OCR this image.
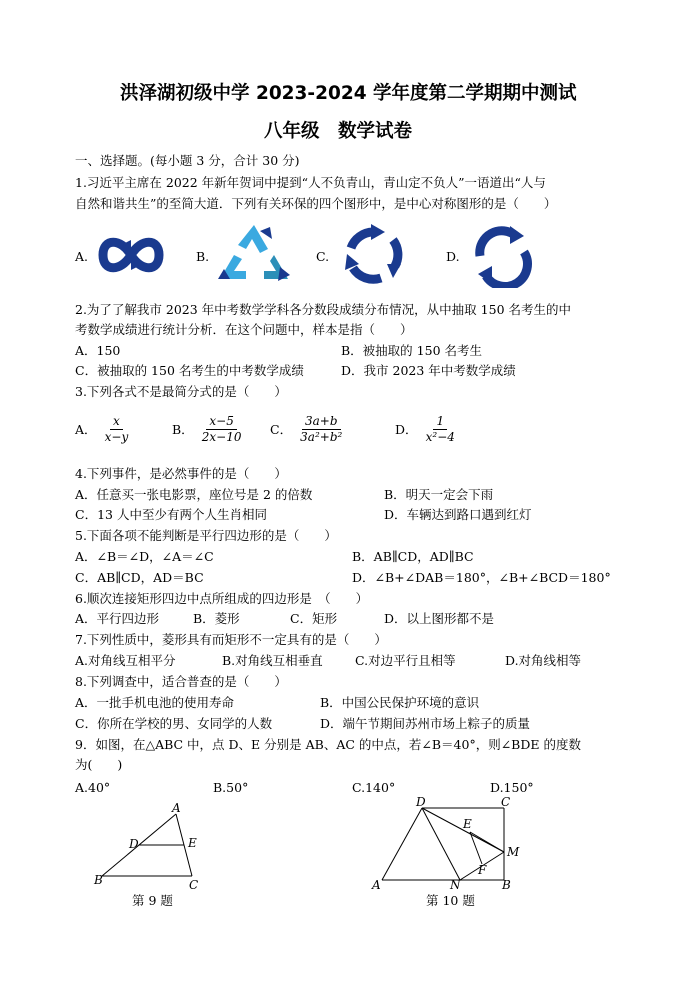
洪泽湖初级中学 2023-2024 学年度第二学期期中测试
八年级　数学试卷
一、选择题。(每小题 3 分，合计 30 分)
1.习近平主席在 2022 年新年贺词中提到“人不负青山，青山定不负人”一语道出“人与
自然和谐共生”的至简大道．下列有关环保的四个图形中，是中心对称图形的是（　　）
A.	B.	C.	D.
2.为了了解我市 2023 年中考数学学科各分数段成绩分布情况，从中抽取 150 名考生的中
考数学成绩进行统计分析．在这个问题中，样本是指（　　）
A．150	B．被抽取的 150 名考生
C．被抽取的 150 名考生的中考数学成绩	D．我市 2023 年中考数学成绩
3.下列各式不是最简分式的是（　　）
A． $\frac{x}{x-y}$	B． $\frac{x-5}{2x-10}$ C． $\frac{3a+b}{\text{3a²+b²}}$	D． $\frac{1}{\text{x²−4}}$
4.下列事件，是必然事件的是（　　）
A．任意买一张电影票，座位号是 2 的倍数	B．明天一定会下雨
C．13 人中至少有两个人生肖相同	D．车辆达到路口遇到红灯
5.下面各项不能判断是平行四边形的是（　　）
A．∠B＝∠D，∠A＝∠C	B．AB∥CD，AD∥BC
C．AB∥CD，AD＝BC	D．∠B+∠DAB＝180°，∠B+∠BCD＝180°
6.顺次连接矩形四边中点所组成的四边形是　（　　）
A．平行四边形	B．菱形	C．矩形	D．以上图形都不是
7.下列性质中，菱形具有而矩形不一定具有的是（　　）
A.对角线互相平分	B.对角线互相垂直	C.对边平行且相等	D.对角线相等
8.下列调查中，适合普查的是（　　）
A．一批手机电池的使用寿命	B．中国公民保护环境的意识
C．你所在学校的男、女同学的人数	D．端午节期间苏州市场上粽子的质量
9．如图，在△ABC 中，点 D、E 分别是 AB、AC 的中点，若∠B＝40°，则∠BDE 的度数
为(　　)
A.40°	B.50°	C.140°	D.150°
A
B	C
D	E
第 9 题
A	B
C
D
E
F
M
N
第 10 题
